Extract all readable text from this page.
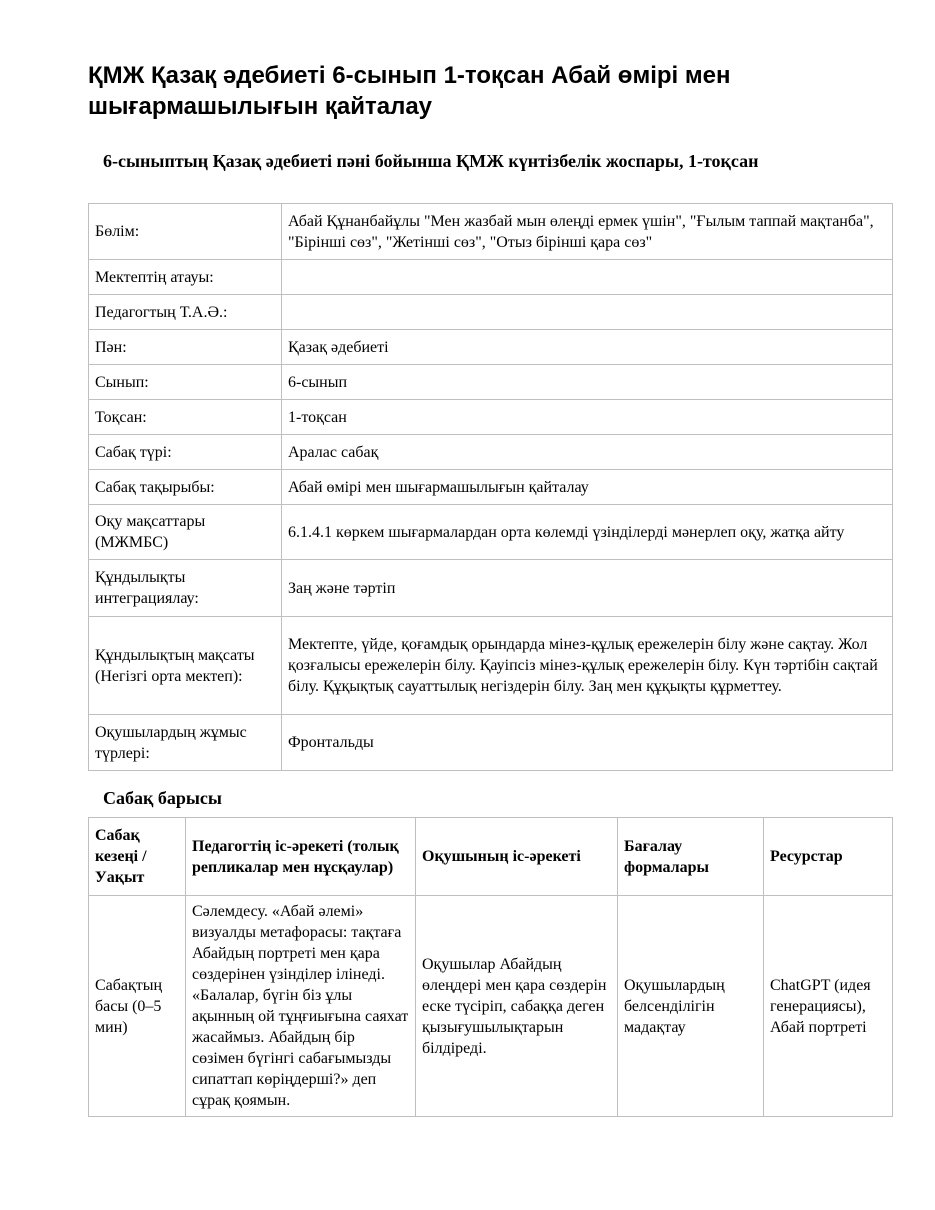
ҚМЖ Қазақ әдебиеті 6-сынып 1-тоқсан Абай өмірі мен шығармашылығын қайталау
6-сыныптың Қазақ әдебиеті пәні бойынша ҚМЖ күнтізбелік жоспары, 1-тоқсан
Бөлім:	Абай Құнанбайұлы "Мен жазбай мын өлеңді ермек үшін", "Ғылым таппай мақтанба", "Бірінші сөз", "Жетінші сөз", "Отыз бірінші қара сөз"
Мектептің атауы:	
Педагогтың Т.А.Ә.:	
Пән:	Қазақ әдебиеті
Сынып:	6-сынып
Тоқсан:	1-тоқсан
Сабақ түрі:	Аралас сабақ
Сабақ тақырыбы:	Абай өмірі мен шығармашылығын қайталау
Оқу мақсаттары (МЖМБС)	6.1.4.1 көркем шығармалардан орта көлемді үзінділерді мәнерлеп оқу, жатқа айту
Құндылықты интеграциялау:	Заң және тәртіп
Құндылықтың мақсаты (Негізгі орта мектеп):	Мектепте, үйде, қоғамдық орындарда мінез-құлық ережелерін білу және сақтау. Жол қозғалысы ережелерін білу. Қауіпсіз мінез-құлық ережелерін білу. Күн тәртібін сақтай білу. Құқықтық сауаттылық негіздерін білу. Заң мен құқықты құрметтеу.
Оқушылардың жұмыс түрлері:	Фронтальды
Сабақ барысы
Сабақ кезеңі / Уақыт	Педагогтің іс-әрекеті (толық репликалар мен нұсқаулар)	Оқушының іс-әрекеті	Бағалау формалары	Ресурстар
Сабақтың басы (0–5 мин)	Сәлемдесу. «Абай әлемі» визуалды метафорасы: тақтаға Абайдың портреті мен қара сөздерінен үзінділер ілінеді. «Балалар, бүгін біз ұлы ақынның ой тұңғиығына саяхат жасаймыз. Абайдың бір сөзімен бүгінгі сабағымызды сипаттап көріңдерші?» деп сұрақ қоямын.	Оқушылар Абайдың өлеңдері мен қара сөздерін еске түсіріп, сабаққа деген қызығушылықтарын білдіреді.	Оқушылардың белсенділігін мадақтау	ChatGPT (идея генерациясы), Абай портреті
